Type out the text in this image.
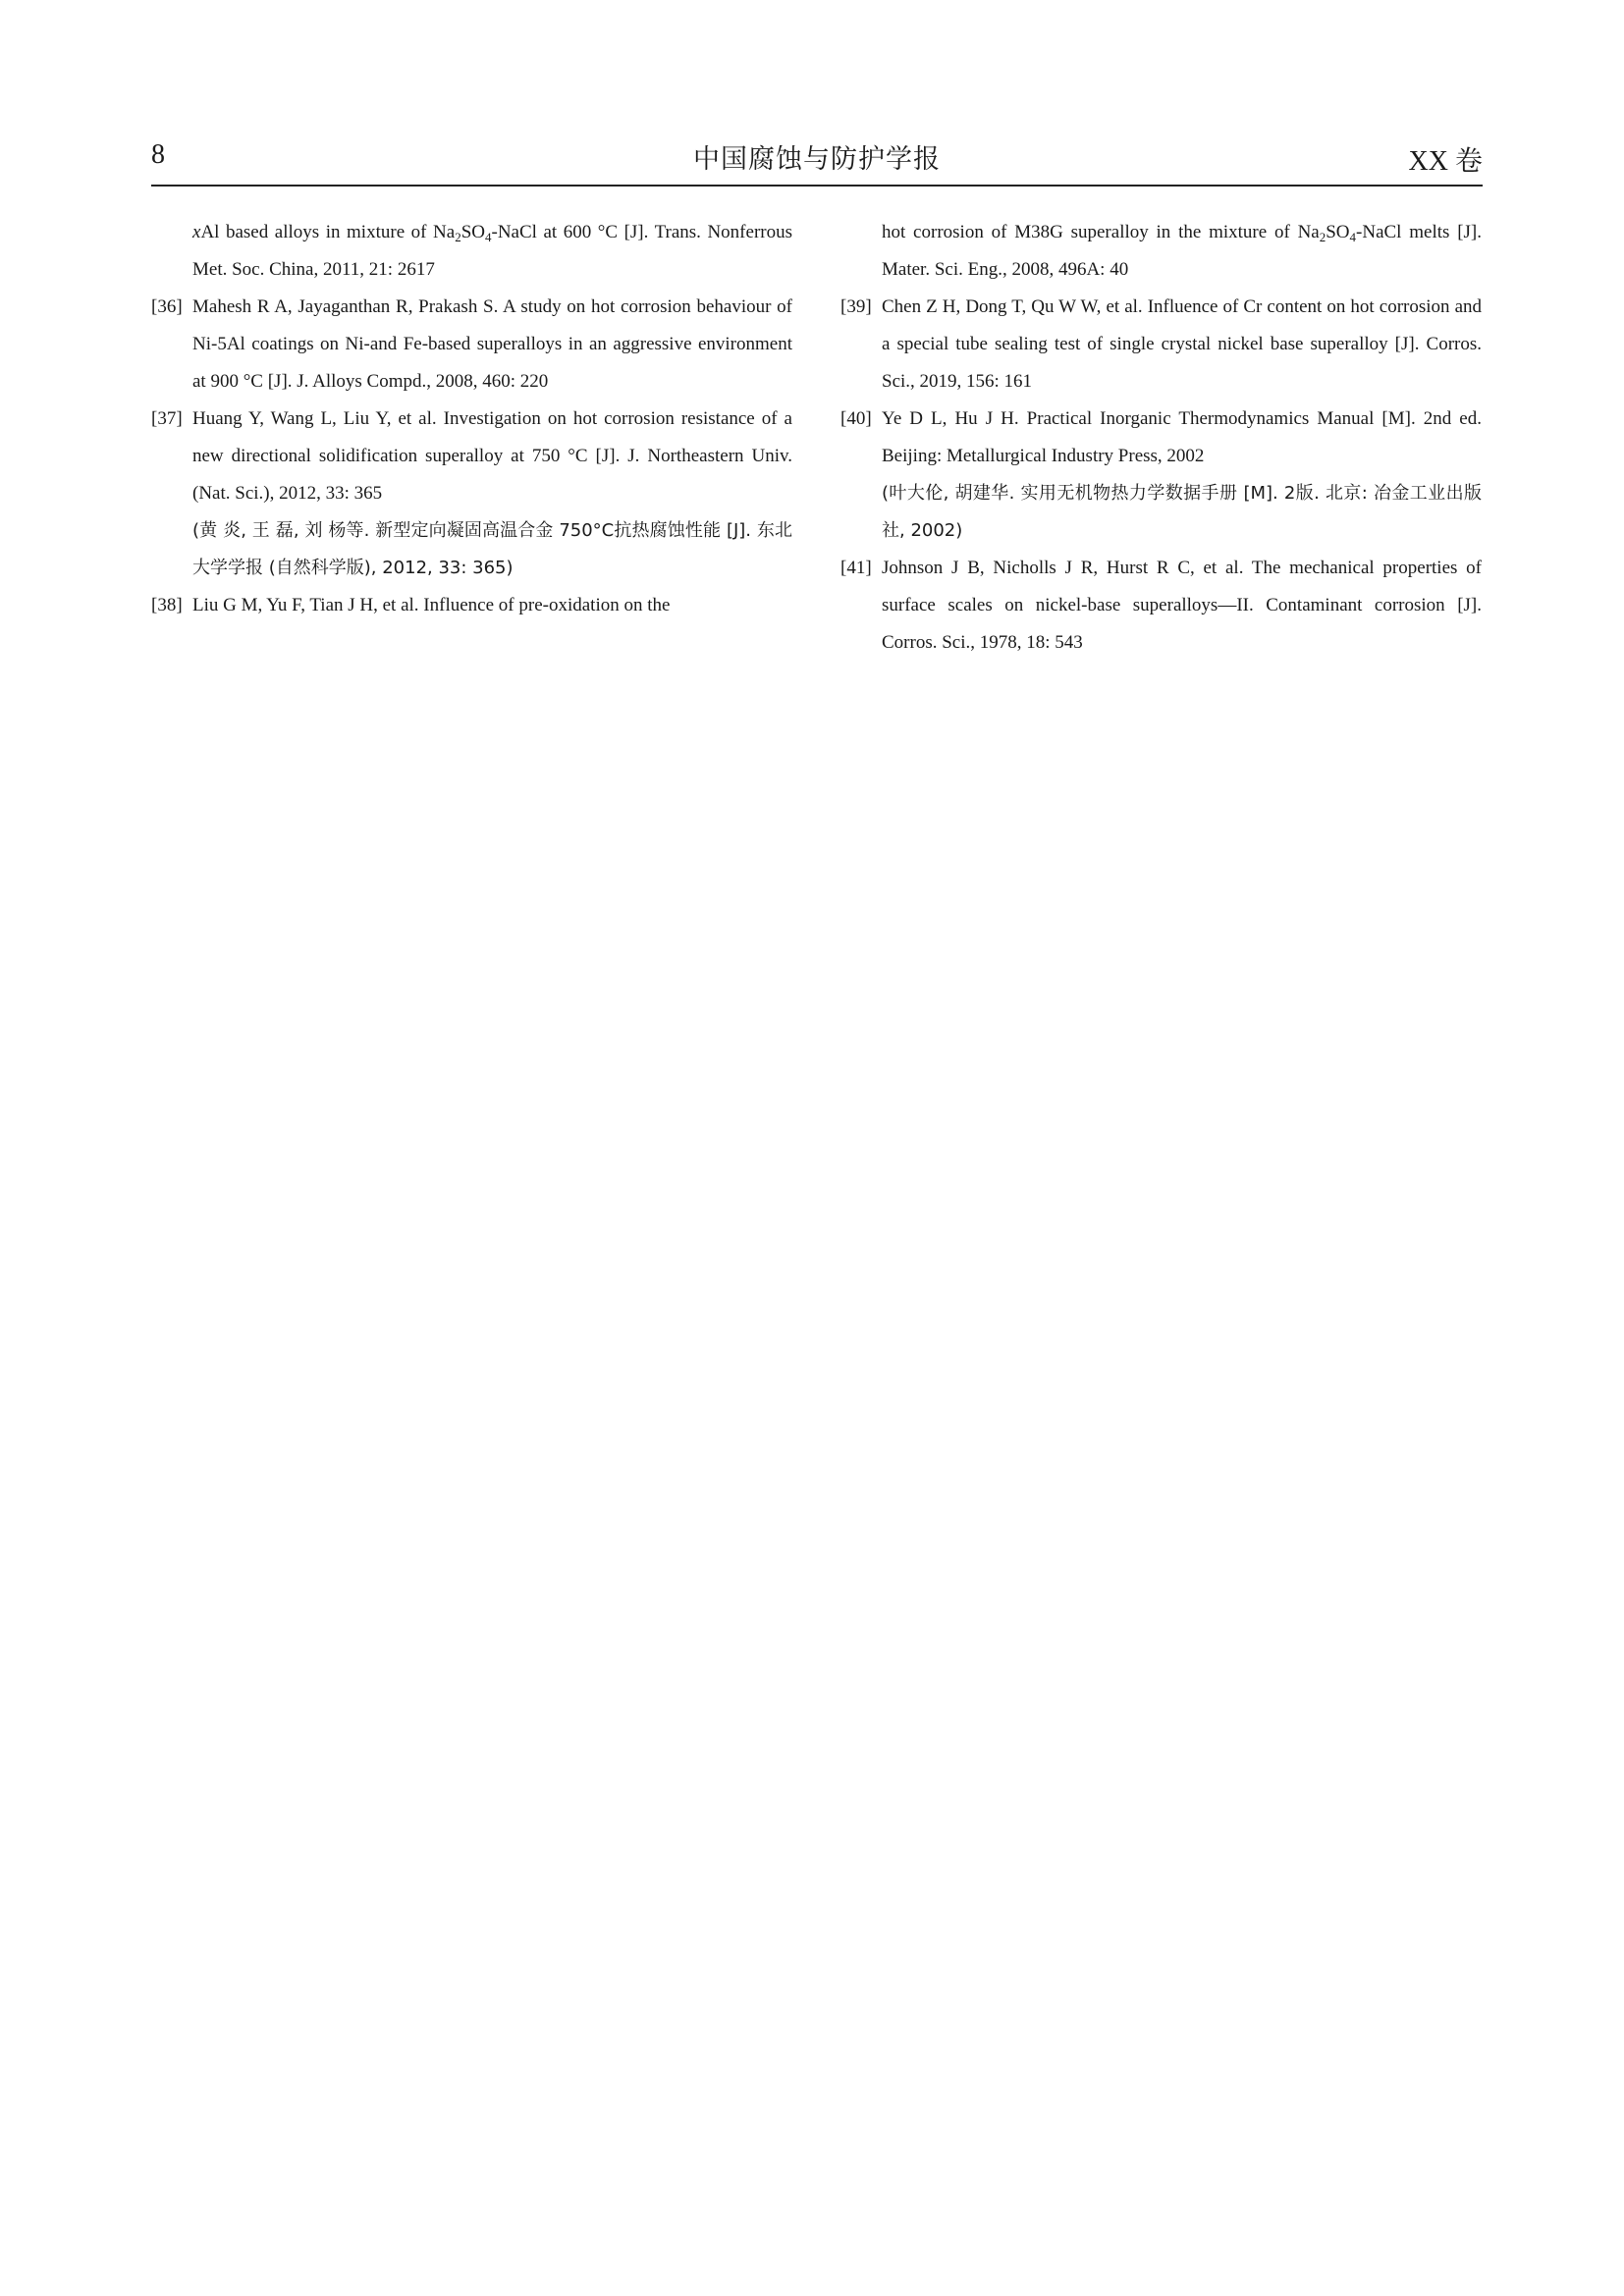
8	中国腐蚀与防护学报	XX 卷

xAl based alloys in mixture of $Na_2SO_4$-NaCl at 600 °C [J]. Trans. Nonferrous Met. Soc. China, 2011, 21: 2617

[36] Mahesh R A, Jayaganthan R, Prakash S. A study on hot corrosion behaviour of Ni-5Al coatings on Ni-and Fe-based superalloys in an aggressive environment at 900 °C [J]. J. Alloys Compd., 2008, 460: 220

[37] Huang Y, Wang L, Liu Y, et al. Investigation on hot corrosion resistance of a new directional solidification superalloy at 750 °C [J]. J. Northeastern Univ. (Nat. Sci.), 2012, 33: 365

(黄 炎, 王 磊, 刘 杨等. 新型定向凝固高温合金 750°C抗热腐蚀性能 [J]. 东北大学学报 (自然科学版), 2012, 33: 365)

[38] Liu G M, Yu F, Tian J H, et al. Influence of pre-oxidation on the

hot corrosion of M38G superalloy in the mixture of $Na_2SO_4$-NaCl melts [J]. Mater. Sci. Eng., 2008, 496A: 40

[39] Chen Z H, Dong T, Qu W W, et al. Influence of Cr content on hot corrosion and a special tube sealing test of single crystal nickel base superalloy [J]. Corros. Sci., 2019, 156: 161

[40] Ye D L, Hu J H. Practical Inorganic Thermodynamics Manual [M]. 2nd ed. Beijing: Metallurgical Industry Press, 2002

(叶大伦, 胡建华. 实用无机物热力学数据手册 [M]. 2版. 北京: 冶金工业出版社, 2002)

[41] Johnson J B, Nicholls J R, Hurst R C, et al. The mechanical properties of surface scales on nickel-base superalloys—II. Contaminant corrosion [J]. Corros. Sci., 1978, 18: 543
